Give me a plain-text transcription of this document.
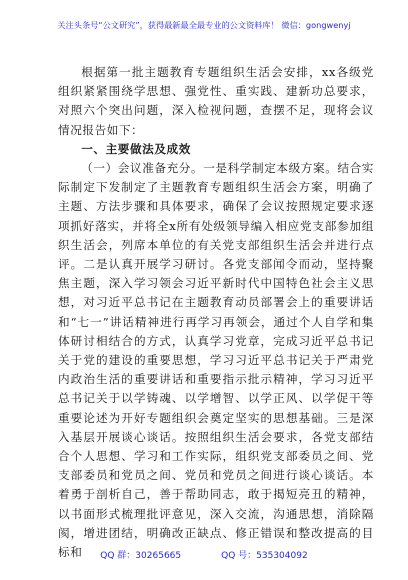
关注头条号“公文研究”，获得最新最全最专业的公文资料库！ 微信：gongwenyj

根据第一批主题教育专题组织生活会安排，xx各级党组织紧紧围绕学思想、强党性、重实践、建新功总要求，对照六个突出问题，深入检视问题，查摆不足，现将会议情况报告如下：

一、主要做法及成效

（一）会议准备充分。一是科学制定本级方案。结合实际制定下发制定了主题教育专题组织生活会方案，明确了主题、方法步骤和具体要求，确保了会议按照规定要求逐项抓好落实，并将全x所有处级领导编入相应党支部参加组织生活会，列席本单位的有关党支部组织生活会并进行点评。二是认真开展学习研讨。各党支部闻令而动，坚持聚焦主题，深入学习领会习近平新时代中国特色社会主义思想，对习近平总书记在主题教育动员部署会上的重要讲话和“七一”讲话精神进行再学习再领会，通过个人自学和集体研讨相结合的方式，认真学习党章，完成习近平总书记关于党的建设的重要思想，学习习近平总书记关于严肃党内政治生活的重要讲话和重要指示批示精神，学习习近平总书记关于以学铸魂、以学增智、以学正风、以学促干等重要论述为开好专题组织会奠定坚实的思想基础。三是深入基层开展谈心谈话。按照组织生活会要求，各党支部结合个人思想、学习和工作实际，组织党支部委员之间、党支部委员和党员之间、党员和党员之间进行谈心谈话。本着勇于剖析自己，善于帮助同志，敢于揭短亮丑的精神，以书面形式梳理批评意见，深入交流，沟通思想，消除隔阂，增进团结，明确改正缺点、修正错误和整改提高的目标和	QQ 群：30265665	QQ 号：535304092
